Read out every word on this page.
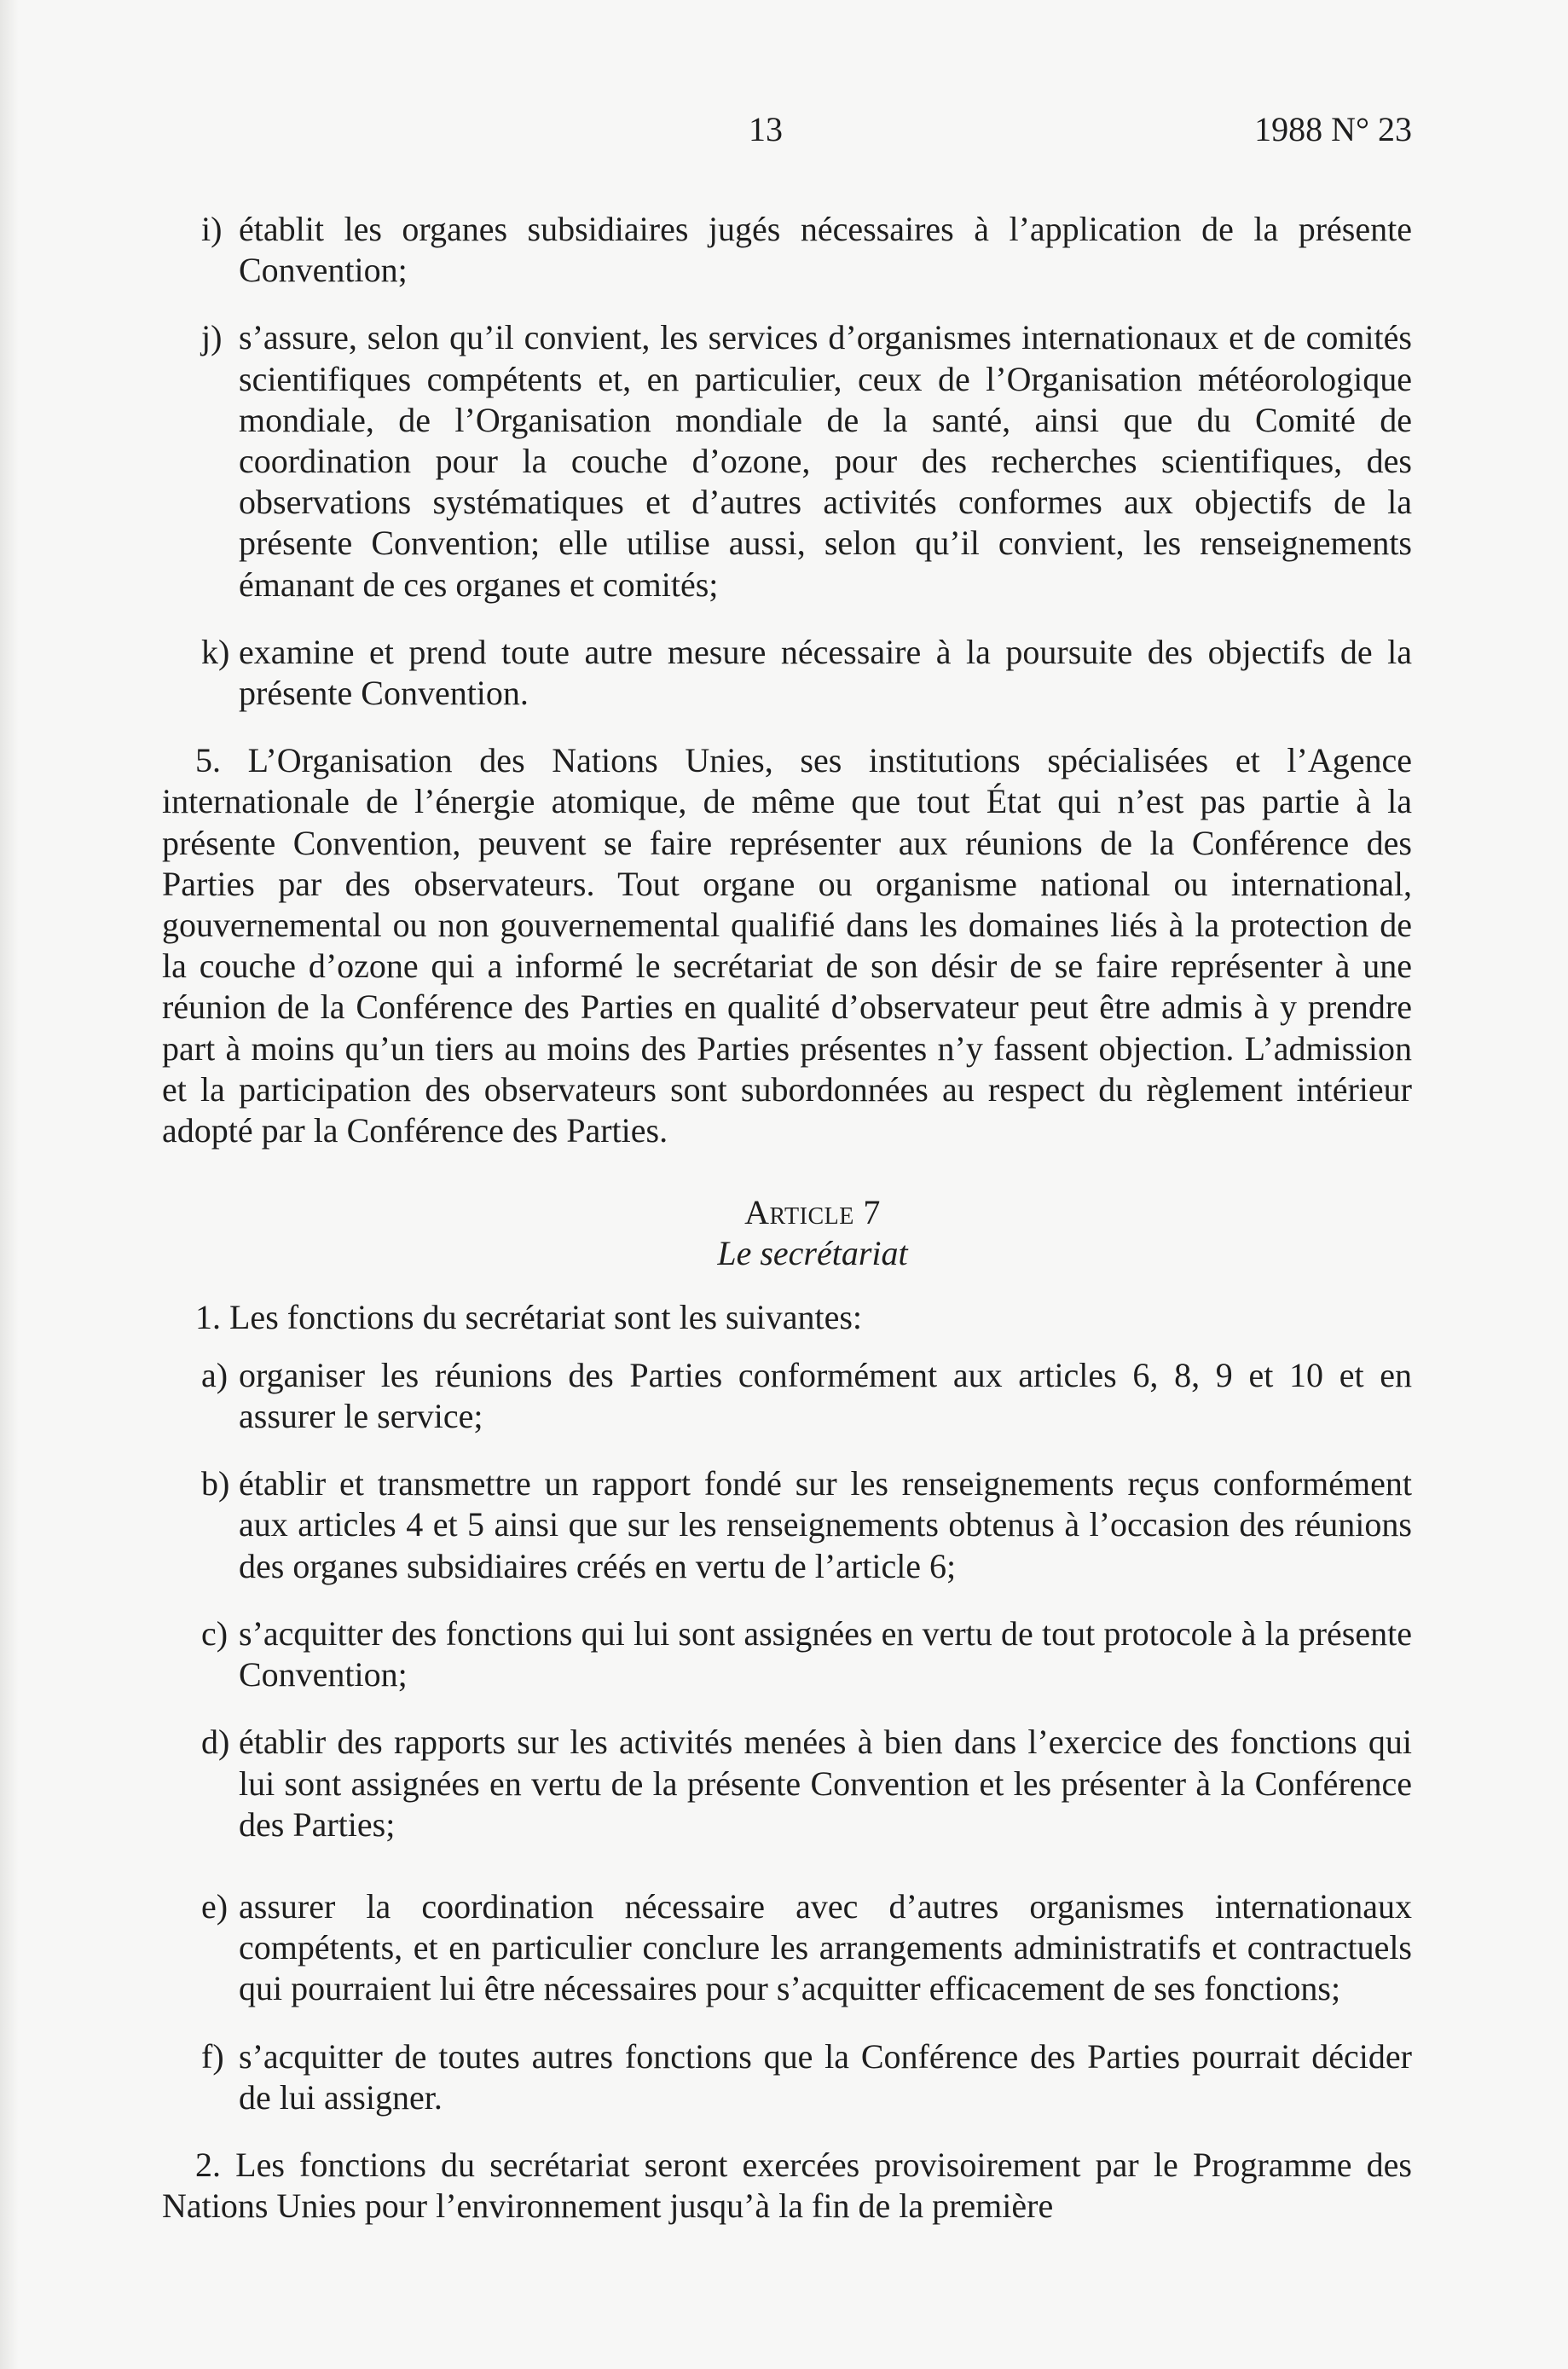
13	1988 N° 23
i) établit les organes subsidiaires jugés nécessaires à l’application de la présente Convention;
j) s’assure, selon qu’il convient, les services d’organismes internationaux et de comités scientifiques compétents et, en particulier, ceux de l’Organisation météorologique mondiale, de l’Organisation mondiale de la santé, ainsi que du Comité de coordination pour la couche d’ozone, pour des recherches scientifiques, des observations systématiques et d’autres activités conformes aux objectifs de la présente Convention; elle utilise aussi, selon qu’il convient, les renseignements émanant de ces organes et comités;
k) examine et prend toute autre mesure nécessaire à la poursuite des objectifs de la présente Convention.

5. L’Organisation des Nations Unies, ses institutions spécialisées et l’Agence internationale de l’énergie atomique, de même que tout État qui n’est pas partie à la présente Convention, peuvent se faire représenter aux réunions de la Conférence des Parties par des observateurs. Tout organe ou organisme national ou international, gouvernemental ou non gouvernemental qualifié dans les domaines liés à la protection de la couche d’ozone qui a informé le secrétariat de son désir de se faire représenter à une réunion de la Conférence des Parties en qualité d’observateur peut être admis à y prendre part à moins qu’un tiers au moins des Parties présentes n’y fassent objection. L’admission et la participation des observateurs sont subordonnées au respect du règlement intérieur adopté par la Conférence des Parties.

Article 7
Le secrétariat

1. Les fonctions du secrétariat sont les suivantes:

a) organiser les réunions des Parties conformément aux articles 6, 8, 9 et 10 et en assurer le service;
b) établir et transmettre un rapport fondé sur les renseignements reçus conformément aux articles 4 et 5 ainsi que sur les renseignements obtenus à l’occasion des réunions des organes subsidiaires créés en vertu de l’article 6;
c) s’acquitter des fonctions qui lui sont assignées en vertu de tout protocole à la présente Convention;
d) établir des rapports sur les activités menées à bien dans l’exercice des fonctions qui lui sont assignées en vertu de la présente Convention et les présenter à la Conférence des Parties;
e) assurer la coordination nécessaire avec d’autres organismes internationaux compétents, et en particulier conclure les arrangements administratifs et contractuels qui pourraient lui être nécessaires pour s’acquitter efficacement de ses fonctions;
f) s’acquitter de toutes autres fonctions que la Conférence des Parties pourrait décider de lui assigner.

2. Les fonctions du secrétariat seront exercées provisoirement par le Programme des Nations Unies pour l’environnement jusqu’à la fin de la première
